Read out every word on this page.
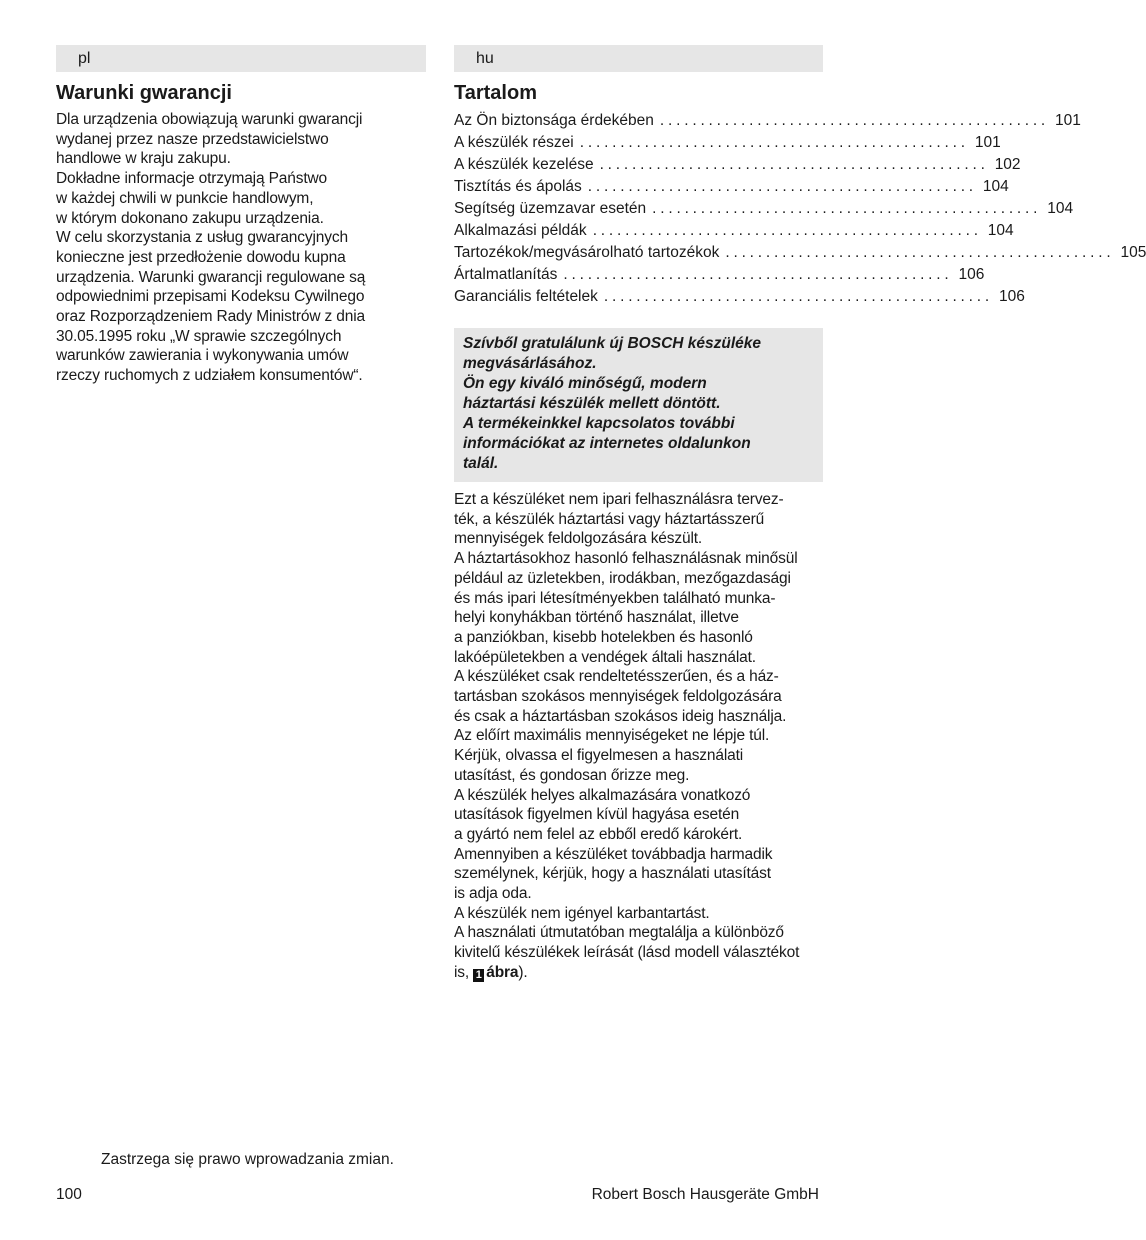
pl
Warunki gwarancji
Dla urządzenia obowiązują warunki gwarancji
wydanej przez nasze przedstawicielstwo
handlowe w kraju zakupu.
Dokładne informacje otrzymają Państwo
w każdej chwili w punkcie handlowym,
w którym dokonano zakupu urządzenia.
W celu skorzystania z usług gwarancyjnych
konieczne jest przedłożenie dowodu kupna
urządzenia. Warunki gwarancji regulowane są
odpowiednimi przepisami Kodeksu Cywilnego
oraz Rozporządzeniem Rady Ministrów z dnia
30.05.1995 roku „W sprawie szczególnych
warunków zawierania i wykonywania umów
rzeczy ruchomych z udziałem konsumentów“.
hu
Tartalom
Az Ön biztonsága érdekében ................................................ 101
A készülék részei ................................................ 101
A készülék kezelése ................................................ 102
Tisztítás és ápolás ................................................ 104
Segítség üzemzavar esetén ................................................ 104
Alkalmazási példák ................................................ 104
Tartozékok/megvásárolható tartozékok ................................................ 105
Ártalmatlanítás ................................................ 106
Garanciális feltételek ................................................ 106
Szívből gratulálunk új BOSCH készüléke
megvásárlásához.
Ön egy kiváló minőségű, modern
háztartási készülék mellett döntött.
A termékeinkkel kapcsolatos további
információkat az internetes oldalunkon
talál.
Ezt a készüléket nem ipari felhasználásra tervez-
ték, a készülék háztartási vagy háztartásszerű
mennyiségek feldolgozására készült.
A háztartásokhoz hasonló felhasználásnak minősül
például az üzletekben, irodákban, mezőgazdasági
és más ipari létesítményekben található munka-
helyi konyhákban történő használat, illetve
a panziókban, kisebb hotelekben és hasonló
lakóépületekben a vendégek általi használat.
A készüléket csak rendeltetésszerűen, és a ház-
tartásban szokásos mennyiségek feldolgozására
és csak a háztartásban szokásos ideig használja.
Az előírt maximális mennyiségeket ne lépje túl.
Kérjük, olvassa el figyelmesen a használati
utasítást, és gondosan őrizze meg.
A készülék helyes alkalmazására vonatkozó
utasítások figyelmen kívül hagyása esetén
a gyártó nem felel az ebből eredő károkért.
Amennyiben a készüléket továbbadja harmadik
személynek, kérjük, hogy a használati utasítást
is adja oda.
A készülék nem igényel karbantartást.
A használati útmutatóban megtalálja a különböző
kivitelű készülékek leírását (lásd modell választékot
is, 1 ábra).
Zastrzega się prawo wprowadzania zmian.
100	Robert Bosch Hausgeräte GmbH
